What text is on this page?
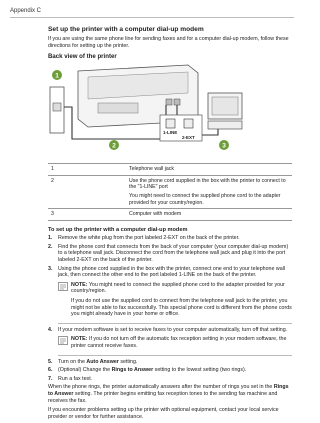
Appendix C
Set up the printer with a computer dial-up modem

If you are using the same phone line for sending faxes and for a computer dial-up modem, follow these directions for setting up the printer.

Back view of the printer
1-LINE
2-EXT
1
2	3
1	Telephone wall jack

2	Use the phone cord supplied in the box with the printer to connect to the "1-LINE" port

You might need to connect the supplied phone cord to the adapter provided for your country/region.

3	Computer with modem

To set up the printer with a computer dial-up modem
1. Remove the white plug from the port labeled 2-EXT on the back of the printer.
2. Find the phone cord that connects from the back of your computer (your computer dial-up modem) to a telephone wall jack. Disconnect the cord from the telephone wall jack and plug it into the port labeled 2-EXT on the back of the printer.
3. Using the phone cord supplied in the box with the printer, connect one end to your telephone wall jack, then connect the other end to the port labeled 1-LINE on the back of the printer.

NOTE: You might need to connect the supplied phone cord to the adapter provided for your country/region.

If you do not use the supplied cord to connect from the telephone wall jack to the printer, you might not be able to fax successfully. This special phone cord is different from the phone cords you might already have in your home or office.

4. If your modem software is set to receive faxes to your computer automatically, turn off that setting.

NOTE: If you do not turn off the automatic fax reception setting in your modem software, the printer cannot receive faxes.

5. Turn on the Auto Answer setting.
6. (Optional) Change the Rings to Answer setting to the lowest setting (two rings).
7. Run a fax test.

When the phone rings, the printer automatically answers after the number of rings you set in the Rings to Answer setting. The printer begins emitting fax reception tones to the sending fax machine and receives the fax.

If you encounter problems setting up the printer with optional equipment, contact your local service provider or vendor for further assistance.
